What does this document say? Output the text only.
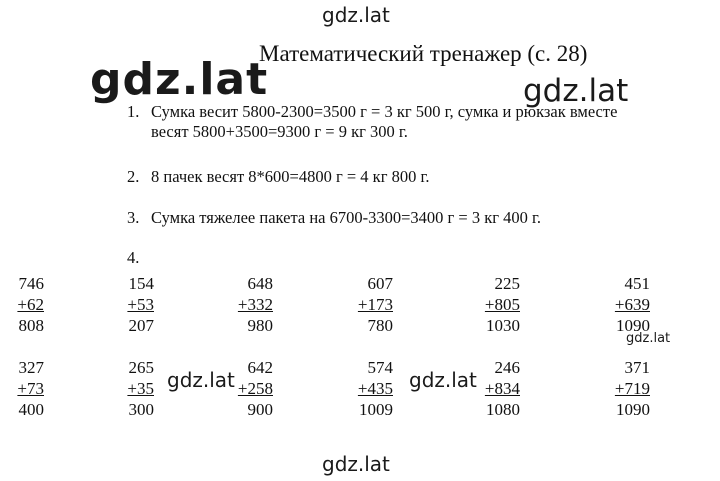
gdz.lat
Математический тренажер (с. 28)
gdz.lat	gdz.lat
1. Сумка весит 5800-2300=3500 г = 3 кг 500 г, сумка и рюкзак вместе
весят 5800+3500=9300 г = 9 кг 300 г.
2. 8 пачек весят 8*600=4800 г = 4 кг 800 г.
3. Сумка тяжелее пакета на 6700-3300=3400 г = 3 кг 400 г.
4.
746
+ 62
808
154
+ 53
207
648
+ 332
980
607
+ 173
780
225
+ 805
1030
451
+ 639
1090
327
+ 73
400
265
+ 35
300
642
+ 258
900
574
+ 435
1009
246
+ 834
1080
371
+ 719
1090
gdz.lat
gdz.lat	gdz.lat
gdz.lat
